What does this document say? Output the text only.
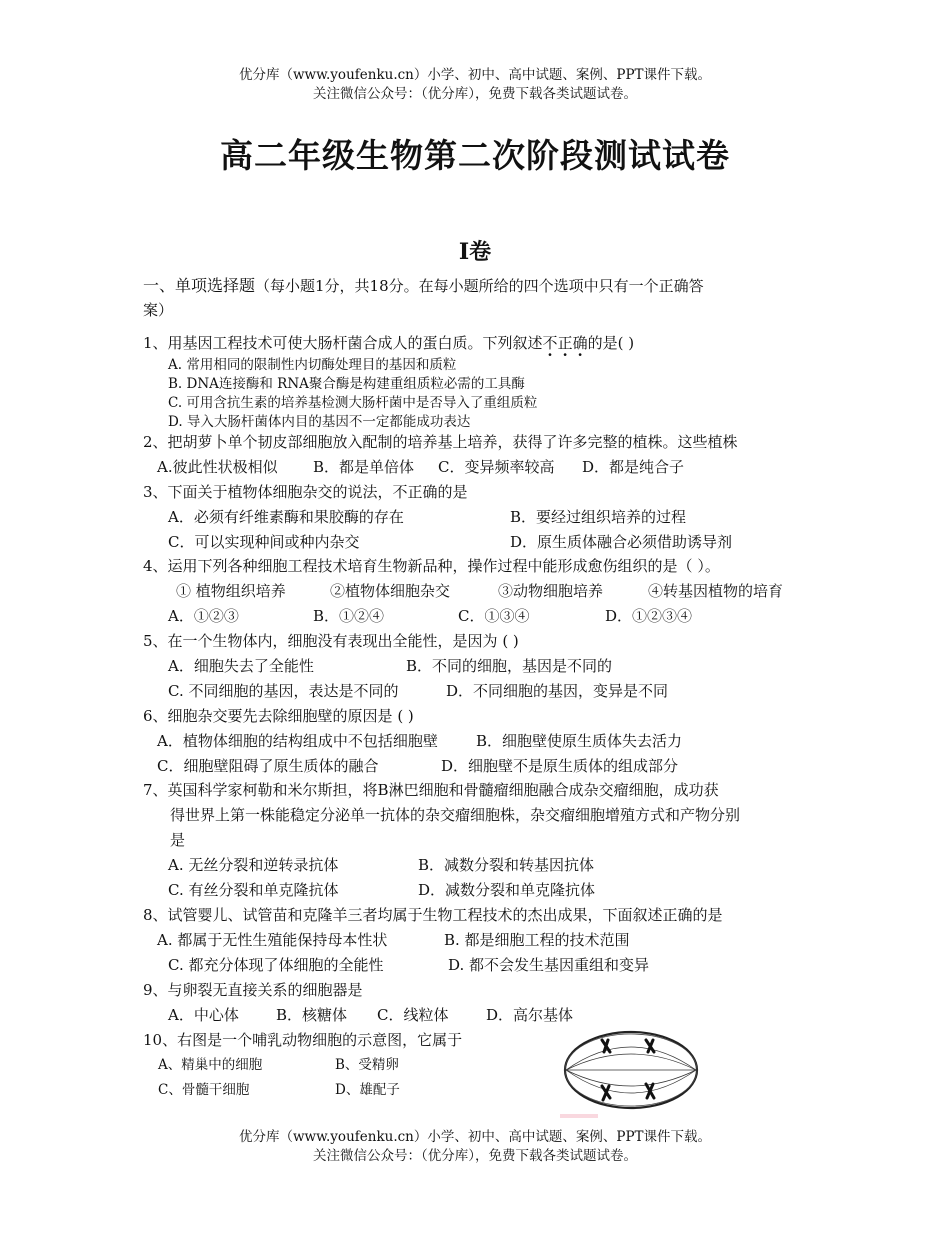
优分库（www.youfenku.cn）小学、初中、高中试题、案例、PPT课件下载。
关注微信公众号：（优分库），免费下载各类试题试卷。
高二年级生物第二次阶段测试试卷
I卷
一、单项选择题（每小题1分，共18分。在每小题所给的四个选项中只有一个正确答
案）
1、用基因工程技术可使大肠杆菌合成人的蛋白质。下列叙述不正确的是( )
A. 常用相同的限制性内切酶处理目的基因和质粒
B. DNA连接酶和 RNA聚合酶是构建重组质粒必需的工具酶
C. 可用含抗生素的培养基检测大肠杆菌中是否导入了重组质粒
D. 导入大肠杆菌体内目的基因不一定都能成功表达
2、把胡萝卜单个韧皮部细胞放入配制的培养基上培养，获得了许多完整的植株。这些植株
A.彼此性状极相似 B．都是单倍体 C．变异频率较高 D．都是纯合子
3、下面关于植物体细胞杂交的说法，不正确的是
A．必须有纤维素酶和果胶酶的存在	B．要经过组织培养的过程
C．可以实现种间或种内杂交	D．原生质体融合必须借助诱导剂
4、运用下列各种细胞工程技术培育生物新品种，操作过程中能形成愈伤组织的是（ ）。
① 植物组织培养	②植物体细胞杂交	③动物细胞培养	④转基因植物的培育
A．①②③	B．①②④	C．①③④	D．①②③④
5、在一个生物体内，细胞没有表现出全能性，是因为 ( )
A．细胞失去了全能性	B．不同的细胞，基因是不同的
C. 不同细胞的基因，表达是不同的	D．不同细胞的基因，变异是不同
6、细胞杂交要先去除细胞壁的原因是 ( )
A．植物体细胞的结构组成中不包括细胞壁	B．细胞壁使原生质体失去活力
C．细胞壁阻碍了原生质体的融合	D．细胞壁不是原生质体的组成部分
7、英国科学家柯勒和米尔斯担，将B淋巴细胞和骨髓瘤细胞融合成杂交瘤细胞，成功获
得世界上第一株能稳定分泌单一抗体的杂交瘤细胞株，杂交瘤细胞增殖方式和产物分别
是
A. 无丝分裂和逆转录抗体	B．减数分裂和转基因抗体
C. 有丝分裂和单克隆抗体	D．减数分裂和单克隆抗体
8、试管婴儿、试管苗和克隆羊三者均属于生物工程技术的杰出成果，下面叙述正确的是
A. 都属于无性生殖能保持母本性状	B. 都是细胞工程的技术范围
C. 都充分体现了体细胞的全能性	D. 都不会发生基因重组和变异
9、与卵裂无直接关系的细胞器是
A．中心体 B．核糖体 C．线粒体	D．高尔基体
10、右图是一个哺乳动物细胞的示意图，它属于
A、精巢中的细胞	B、受精卵
C、骨髓干细胞	D、雄配子
优分库（www.youfenku.cn）小学、初中、高中试题、案例、PPT课件下载。
关注微信公众号：（优分库），免费下载各类试题试卷。
